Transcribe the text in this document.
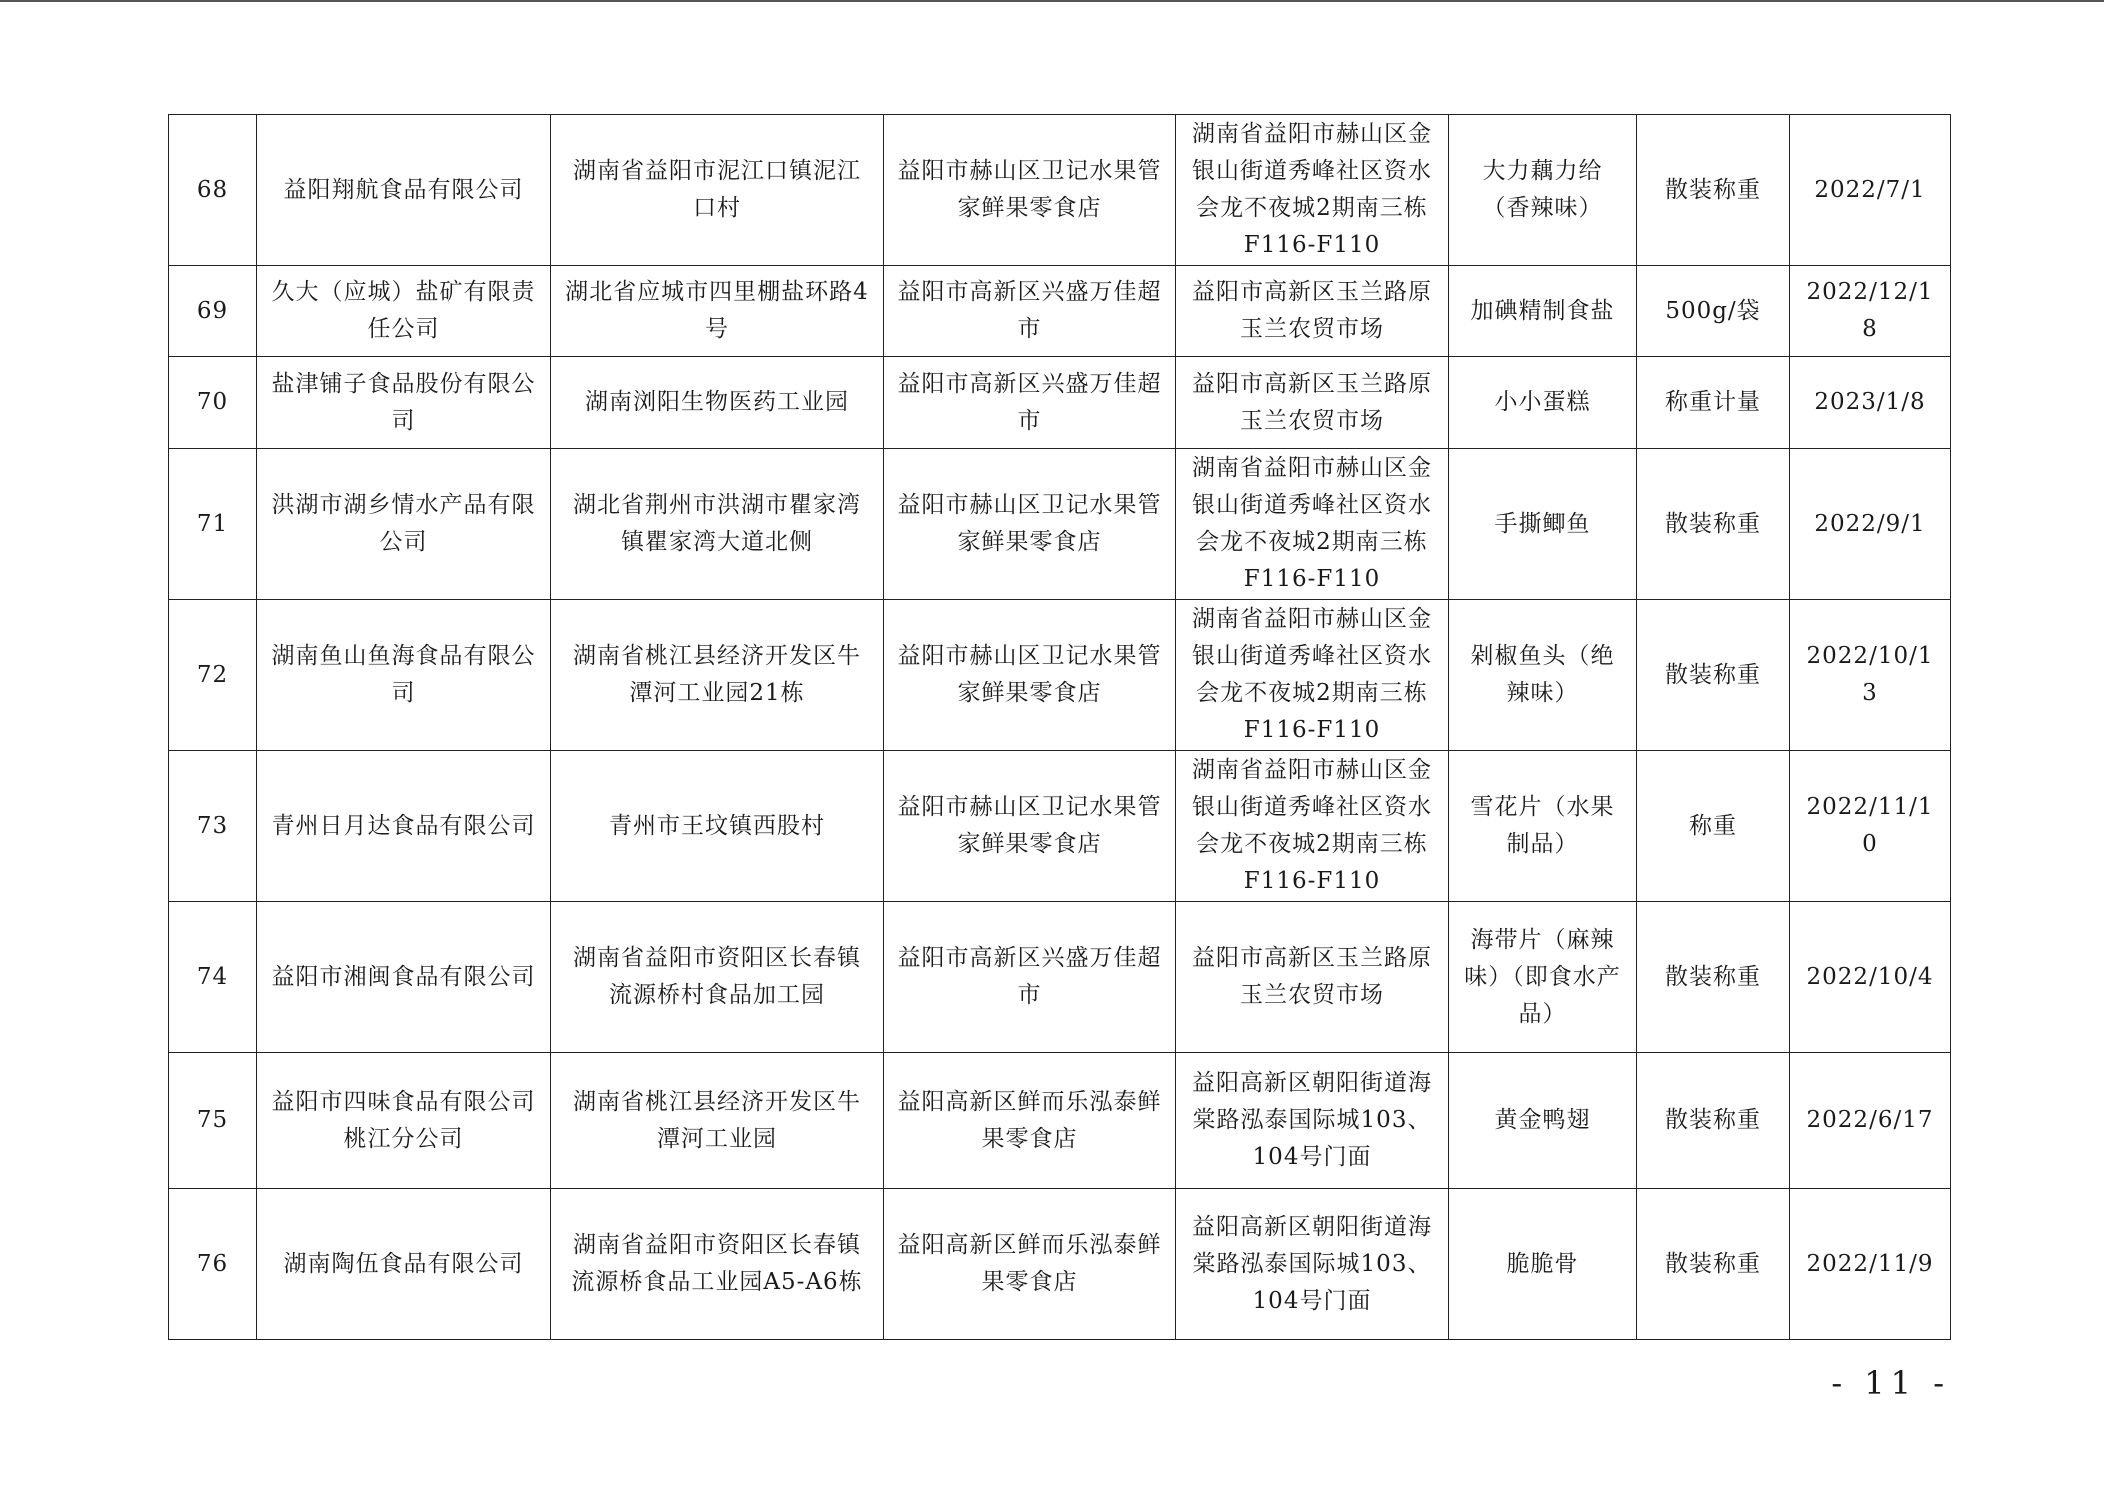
68	益阳翔航食品有限公司	湖南省益阳市泥江口镇泥江口村	益阳市赫山区卫记水果管家鲜果零食店	湖南省益阳市赫山区金银山街道秀峰社区资水会龙不夜城2期南三栋F116-F110	大力藕力给（香辣味）	散装称重	2022/7/1
69	久大（应城）盐矿有限责任公司	湖北省应城市四里棚盐环路4号	益阳市高新区兴盛万佳超市	益阳市高新区玉兰路原玉兰农贸市场	加碘精制食盐	500g/袋	2022/12/18
70	盐津铺子食品股份有限公司	湖南浏阳生物医药工业园	益阳市高新区兴盛万佳超市	益阳市高新区玉兰路原玉兰农贸市场	小小蛋糕	称重计量	2023/1/8
71	洪湖市湖乡情水产品有限公司	湖北省荆州市洪湖市瞿家湾镇瞿家湾大道北侧	益阳市赫山区卫记水果管家鲜果零食店	湖南省益阳市赫山区金银山街道秀峰社区资水会龙不夜城2期南三栋F116-F110	手撕鲫鱼	散装称重	2022/9/1
72	湖南鱼山鱼海食品有限公司	湖南省桃江县经济开发区牛潭河工业园21栋	益阳市赫山区卫记水果管家鲜果零食店	湖南省益阳市赫山区金银山街道秀峰社区资水会龙不夜城2期南三栋F116-F110	剁椒鱼头（绝辣味）	散装称重	2022/10/13
73	青州日月达食品有限公司	青州市王坟镇西股村	益阳市赫山区卫记水果管家鲜果零食店	湖南省益阳市赫山区金银山街道秀峰社区资水会龙不夜城2期南三栋F116-F110	雪花片（水果制品）	称重	2022/11/10
74	益阳市湘闽食品有限公司	湖南省益阳市资阳区长春镇流源桥村食品加工园	益阳市高新区兴盛万佳超市	益阳市高新区玉兰路原玉兰农贸市场	海带片（麻辣味）（即食水产品）	散装称重	2022/10/4
75	益阳市四味食品有限公司桃江分公司	湖南省桃江县经济开发区牛潭河工业园	益阳高新区鲜而乐泓泰鲜果零食店	益阳高新区朝阳街道海棠路泓泰国际城103、104号门面	黄金鸭翅	散装称重	2022/6/17
76	湖南陶伍食品有限公司	湖南省益阳市资阳区长春镇流源桥食品工业园A5-A6栋	益阳高新区鲜而乐泓泰鲜果零食店	益阳高新区朝阳街道海棠路泓泰国际城103、104号门面	脆脆骨	散装称重	2022/11/9
- 11 -
